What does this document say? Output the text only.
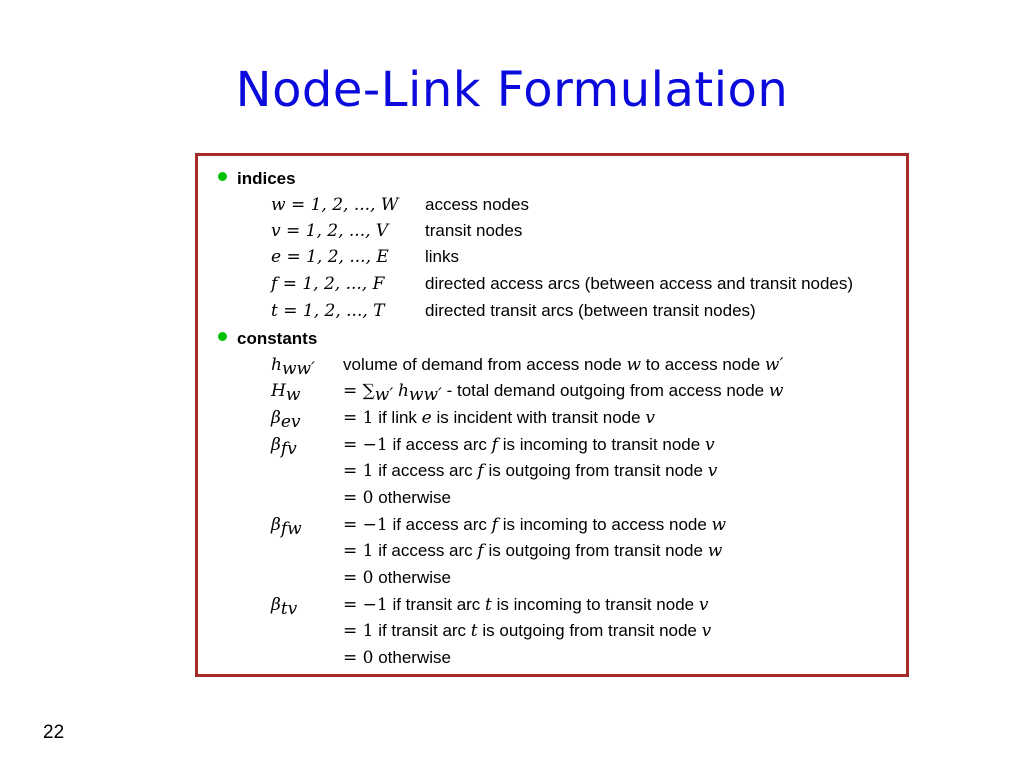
Node-Link Formulation
indices
w = 1, 2, ..., W access nodes
v = 1, 2, ..., V transit nodes
e = 1, 2, ..., E links
f = 1, 2, ..., F directed access arcs (between access and transit nodes)
t = 1, 2, ..., T directed transit arcs (between transit nodes)
constants
$h_{ww'}$ volume of demand from access node w to access node w′
$H_w$	= $\sum_{w'}$ $h_{ww'}$ - total demand outgoing from access node w
$\beta_{ev}$	= 1 if link e is incident with transit node v
$\beta_{fv}$
$\beta_{fw}$
$\beta_{tv}$
= −1 if access arc f is incoming to transit node v
= 1 if access arc f is outgoing from transit node v
= 0 otherwise
= −1 if access arc f is incoming to access node w
= 1 if access arc f is outgoing from transit node w
= 0 otherwise
= −1 if transit arc t is incoming to transit node v
= 1 if transit arc t is outgoing from transit node v
= 0 otherwise
22
